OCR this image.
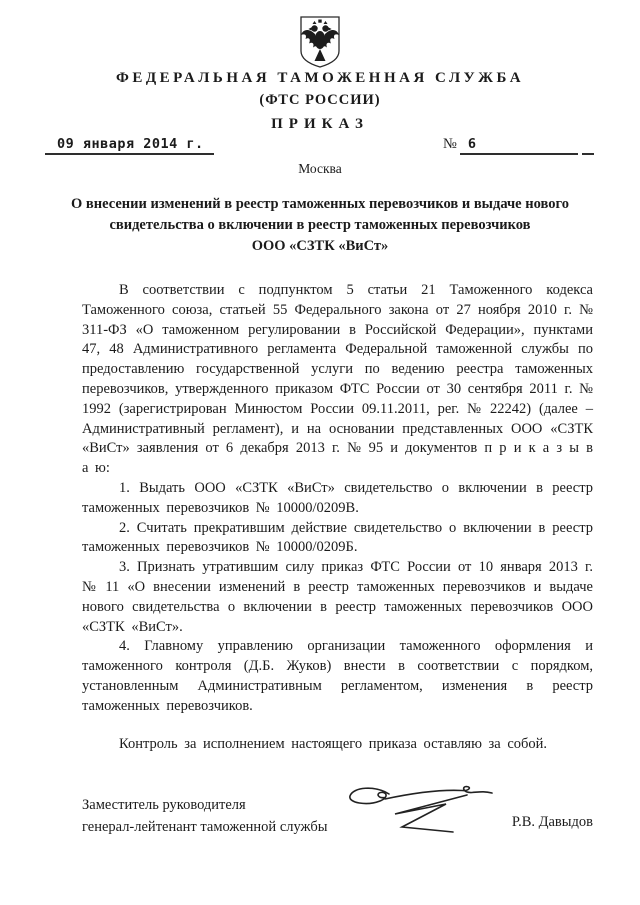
ФЕДЕРАЛЬНАЯ ТАМОЖЕННАЯ СЛУЖБА
(ФТС РОССИИ)
ПРИКАЗ
09 января 2014 г.	№ 6
Москва
О внесении изменений в реестр таможенных перевозчиков и выдаче нового
свидетельства о включении в реестр таможенных перевозчиков
ООО «СЗТК «ВиСт»

В соответствии с подпунктом 5 статьи 21 Таможенного кодекса Таможенного союза, статьей 55 Федерального закона от 27 ноября 2010 г. № 311-ФЗ «О таможенном регулировании в Российской Федерации», пунктами 47, 48 Административного регламента Федеральной таможенной службы по предоставлению государственной услуги по ведению реестра таможенных перевозчиков, утвержденного приказом ФТС России от 30 сентября 2011 г. № 1992 (зарегистрирован Минюстом России 09.11.2011, рег. № 22242) (далее – Административный регламент), и на основании представленных ООО «СЗТК «ВиСт» заявления от 6 декабря 2013 г. № 95 и документов п р и к а з ы в а ю:

1. Выдать ООО «СЗТК «ВиСт» свидетельство о включении в реестр таможенных перевозчиков № 10000/0209В.

2. Считать прекратившим действие свидетельство о включении в реестр таможенных перевозчиков № 10000/0209Б.

3. Признать утратившим силу приказ ФТС России от 10 января 2013 г. № 11 «О внесении изменений в реестр таможенных перевозчиков и выдаче нового свидетельства о включении в реестр таможенных перевозчиков ООО «СЗТК «ВиСт».

4. Главному управлению организации таможенного оформления и таможенного контроля (Д.Б. Жуков) внести в соответствии с порядком, установленным Административным регламентом, изменения в реестр таможенных перевозчиков.

Контроль за исполнением настоящего приказа оставляю за собой.

Заместитель руководителя
генерал-лейтенант таможенной службы	Р.В. Давыдов
